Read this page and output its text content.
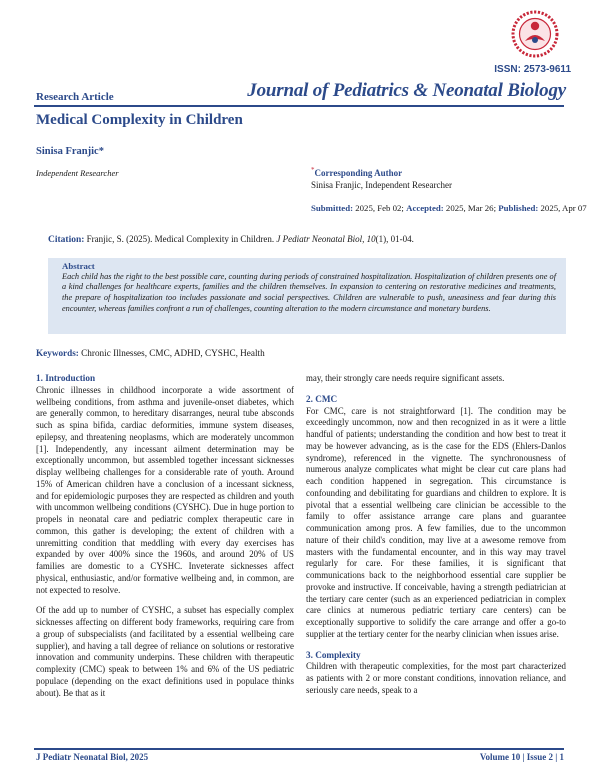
ISSN: 2573-9611
Research Article	Journal of Pediatrics & Neonatal Biology
Medical Complexity in Children
Sinisa Franjic*
Independent Researcher	*Corresponding Author
Sinisa Franjic, Independent Researcher
Submitted: 2025, Feb 02; Accepted: 2025, Mar 26; Published: 2025, Apr 07
Citation: Franjic, S. (2025). Medical Complexity in Children. J Pediatr Neonatal Biol, 10(1), 01-04.
Abstract
Each child has the right to the best possible care, counting during periods of constrained hospitalization. Hospitalization of children presents one of a kind challenges for healthcare experts, families and the children themselves. In expansion to centering on restorative medicines and treatments, the prepare of hospitalization too includes passionate and social perspectives. Children are vulnerable to push, uneasiness and fear during this encounter, whereas families confront a run of challenges, counting alteration to the modern circumstance and monetary burdens.
Keywords: Chronic Illnesses, CMC, ADHD, CYSHC, Health
1. Introduction

Chronic illnesses in childhood incorporate a wide assortment of wellbeing conditions, from asthma and juvenile-onset diabetes, which are generally common, to hereditary disarranges, neural tube absconds such as spina bifida, cardiac deformities, immune system diseases, epilepsy, and threatening neoplasms, which are moderately uncommon [1]. Independently, any incessant ailment determination may be exceptionally uncommon, but assembled together incessant sicknesses display wellbeing challenges for a considerable rate of youth. Around 15% of American children have a conclusion of a incessant sickness, and for epidemiologic purposes they are respected as children and youth with uncommon wellbeing conditions (CYSHC). Due in huge portion to propels in neonatal care and pediatric complex therapeutic care in common, this gather is developing; the extent of children with a unremitting condition that meddling with every day exercises has expanded by over 400% since the 1960s, and around 20% of US families are domestic to a CYSHC. Inveterate sicknesses affect physical, enthusiastic, and/or formative wellbeing and, in common, are not expected to resolve.

Of the add up to number of CYSHC, a subset has especially complex sicknesses affecting on different body frameworks, requiring care from a group of subspecialists (and facilitated by a essential wellbeing care supplier), and having a tall degree of reliance on solutions or restorative innovation and community underpins. These children with therapeutic complexity (CMC) speak to between 1% and 6% of the US pediatric populace (depending on the exact definitions used in populace thinks about). Be that as it

may, their strongly care needs require significant assets.

2. CMC

For CMC, care is not straightforward [1]. The condition may be exceedingly uncommon, now and then recognized in as it were a little handful of patients; understanding the condition and how best to treat it may be however advancing, as is the case for the EDS (Ehlers-Danlos syndrome), referenced in the vignette. The synchronousness of numerous analyze complicates what might be clear cut care plans had each condition happened in segregation. This circumstance is confounding and debilitating for guardians and children to explore. It is pivotal that a essential wellbeing care clinician be accessible to the family to offer assistance arrange care plans and guarantee communication among pros. A few families, due to the uncommon nature of their child's condition, may live at a awesome remove from masters with the fundamental encounter, and in this way may travel regularly for care. For these families, it is significant that communications back to the neighborhood essential care supplier be provoke and instructive. If conceivable, having a strength pediatrician at the tertiary care center (such as an experienced pediatrician in complex care clinics at numerous pediatric tertiary care centers) can be exceptionally supportive to solidify the care arrange and offer a go-to supplier at the tertiary center for the nearby clinician when issues arise.

3. Complexity

Children with therapeutic complexities, for the most part characterized as patients with 2 or more constant conditions, innovation reliance, and seriously care needs, speak to a

J Pediatr Neonatal Biol, 2025	Volume 10 | Issue 2 | 1
